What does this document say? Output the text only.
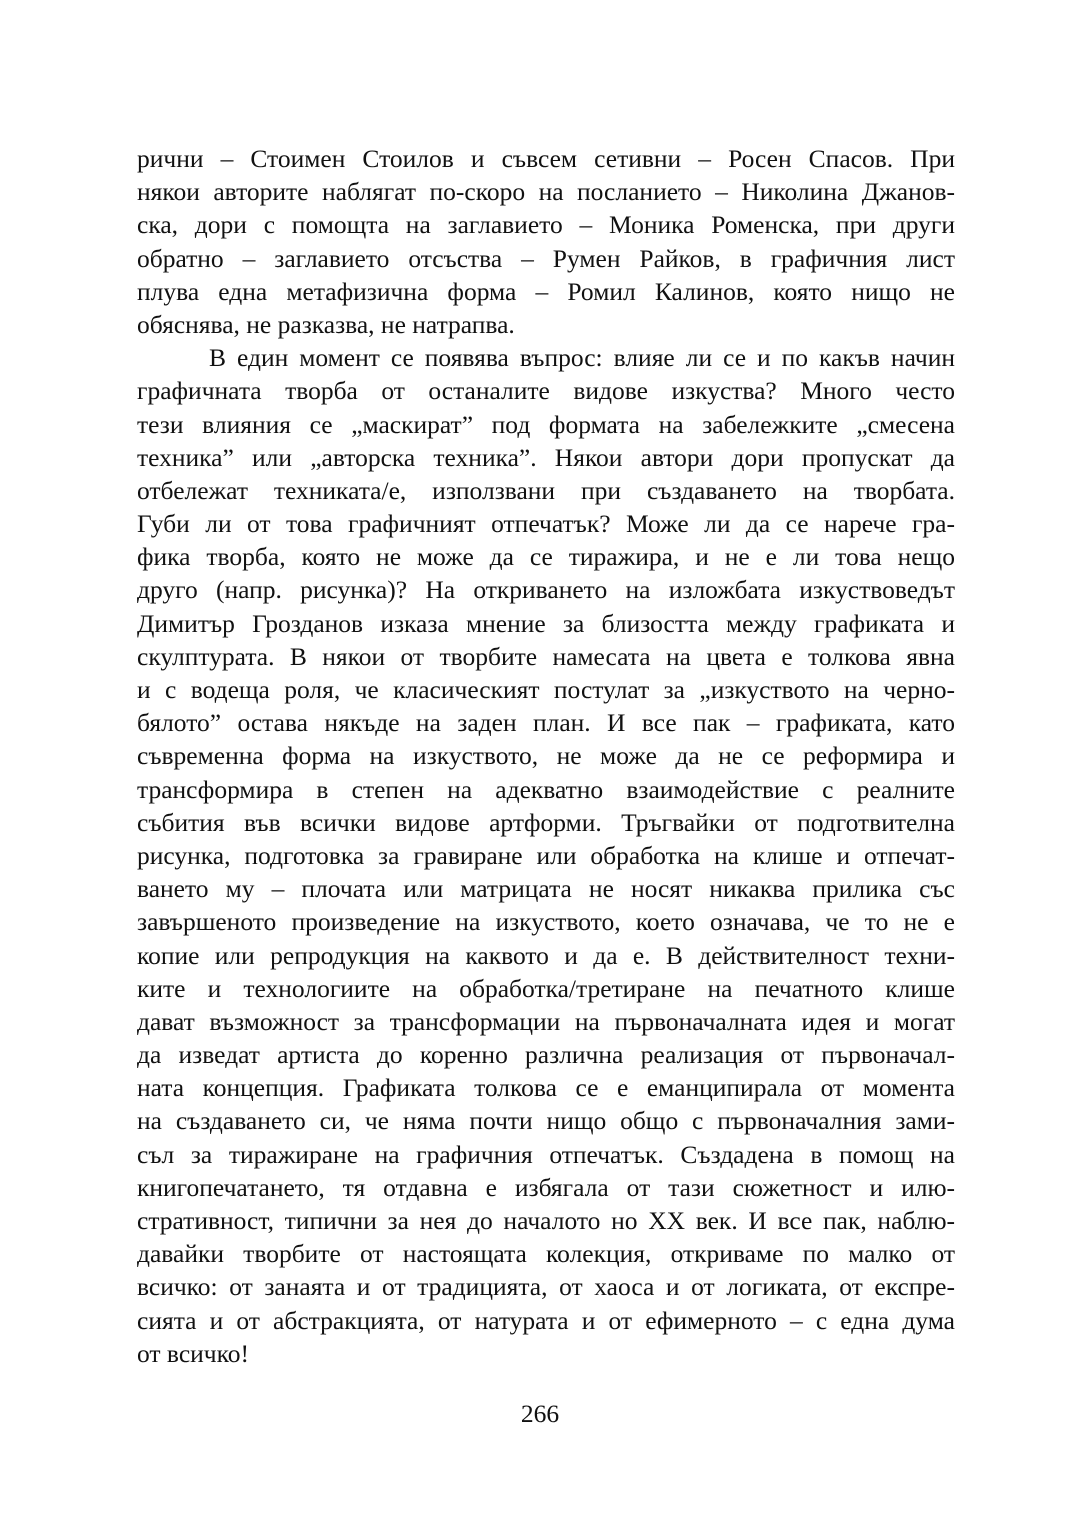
рични – Стоимен Стоилов и съвсем сетивни – Росен Спасов. При
някои авторите наблягат по-скоро на посланието – Николина Джанов-
ска, дори с помощта на заглавието – Моника Роменска, при други
обратно – заглавието отсъства – Румен Райков, в графичния лист
плува една метафизична форма – Ромил Калинов, която нищо не
обяснява, не разказва, не натрапва.
В един момент се появява въпрос: влияе ли се и по какъв начин
графичната творба от останалите видове изкуства? Много често
тези влияния се „маскират” под формата на забележките „смесена
техника” или „авторска техника”. Някои автори дори пропускат да
отбележат техниката/е, използвани при създаването на творбата.
Губи ли от това графичният отпечатък? Може ли да се нарече гра-
фика творба, която не може да се тиражира, и не е ли това нещо
друго (напр. рисунка)? На откриването на изложбата изкуствоведът
Димитър Грозданов изказа мнение за близостта между графиката и
скулптурата. В някои от творбите намесата на цвета е толкова явна
и с водеща роля, че класическият постулат за „изкуството на черно-
бялото” остава някъде на заден план. И все пак – графиката, като
съвременна форма на изкуството, не може да не се реформира и
трансформира в степен на адекватно взаимодействие с реалните
събития във всички видове артформи. Тръгвайки от подготвителна
рисунка, подготовка за гравиране или обработка на клише и отпечат-
ването му – плочата или матрицата не носят никаква прилика със
завършеното произведение на изкуството, което означава, че то не е
копие или репродукция на каквото и да е. В действителност техни-
ките и технологиите на обработка/третиране на печатното клише
дават възможност за трансформации на първоначалната идея и могат
да изведат артиста до коренно различна реализация от първоначал-
ната концепция. Графиката толкова се е еманципирала от момента
на създаването си, че няма почти нищо общо с първоначалния зами-
съл за тиражиране на графичния отпечатък. Създадена в помощ на
книгопечатането, тя отдавна е избягала от тази сюжетност и илю-
стративност, типични за нея до началото но XX век. И все пак, наблю-
давайки творбите от настоящата колекция, откриваме по малко от
всичко: от занаята и от традицията, от хаоса и от логиката, от експре-
сията и от абстракцията, от натурата и от ефимерното – с една дума
от всичко!
266
